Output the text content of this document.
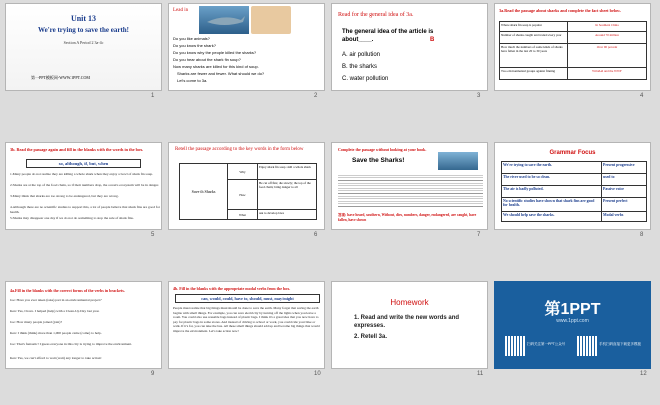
Unit 13
We're trying to save the earth!
Section A Period 2 3a-4c
第一PPT模板网-WWW.1PPT.COM
1
Lead in
Do you like animals?
Do you know the shark?
Do you know why the people killed the sharks?
Do you hear about the shark fin soup?
Now many sharks are killed for this kind of soup.
Sharks are fewer and fewer. What should we do?
Let's come to 3a.
2
Read for the general idea of 3a.
The general idea of the article is about____.	B
A. air pollution
B. the sharks
C. water pollution
3
3a.Read the passage about sharks and complete the fact sheet below.
Where shark fin soup is popular	In Southern China
Number of sharks caught and traded every year	Around 70 million
How much the numbers of some kinds of sharks have fallen in the last 20 to 30 years	Over 90 percent
Two environmental groups against finning	WildAid and the WWF
4
3b. Read the passage again and fill in the blanks with the words in the box.
so, although, if, but, when
1.Many people do not realize they are killing a whole shark when they enjoy a bowl of shark fin soup.
2.Sharks are at the top of the food chain, so if their numbers drop, the ocean's ecosystem will be in danger.
3.Many think that sharks are too strong to be endangered, but they are wrong.
4.Although there are no scientific studies to support this, a lot of people believe that shark fins are good for health.
5.Sharks may disappear one day if we do not do something to stop the sale of shark fins.
5
Retell the passage according to the key words in the form below
Save th Sharks	Why	Enjoy shark fin soup =kill a whole shark
	How	Be cut off fins; die slowly; the top of the food chain; bring danger to all
	What	ask to develop laws
6
Complete the passage without looking at your book.
Save the Sharks!
答案: have heard, southern, Without, dies, numbers, danger, endangered, are caught, have fallen, have shown
7
Grammar Focus
We're trying to save the earth.	Present progressive
The river used to be so clean.	used to
The air is badly polluted.	Passive voice
No scientific studies have shown that shark fins are good for health.	Present perfect
We should help save the sharks.	Modal verbs
8
4a.Fill in the blanks with the correct forms of the verbs in brackets.
Joe: Have you ever taken (take) part in an environmental project?
Ken: Yes, I have. I helped (help) with a Clean-Up Day last year.
Joe: How many people joined (join)?
Ken: I think (think) more than 1,000 people came (come) to help.
Joe: That's fantastic! I guess everyone in this city is trying to improve the environment.
Ken: Yes, we can't afford to wait (wait) any longer to take action!
9
4b. Fill in the blanks with the appropriate modal verbs from the box.
can, would, could, have to, should, must, may/might
People must realize that big things must/should be done to save the earth. Many forget that saving the earth begins with small things. For example, you can save electricity by turning off the lights when you leave a room. You could also use reusable bags instead of plastic bags. I think it's a great idea that you now have to pay for plastic bags in some stores. And instead of driving to school or work, you could ride your bike or walk. If it's far, you can take the bus. All these small things should add up and become big things that would improve the environment. Let's take action now!
10
Homework
1. Read and write the new words and expresses.
2. Retell 3a.
11
第1PPT
www.1ppt.com
扫码关注第一PPT公众号	手机扫码直接下载更多模板
12
